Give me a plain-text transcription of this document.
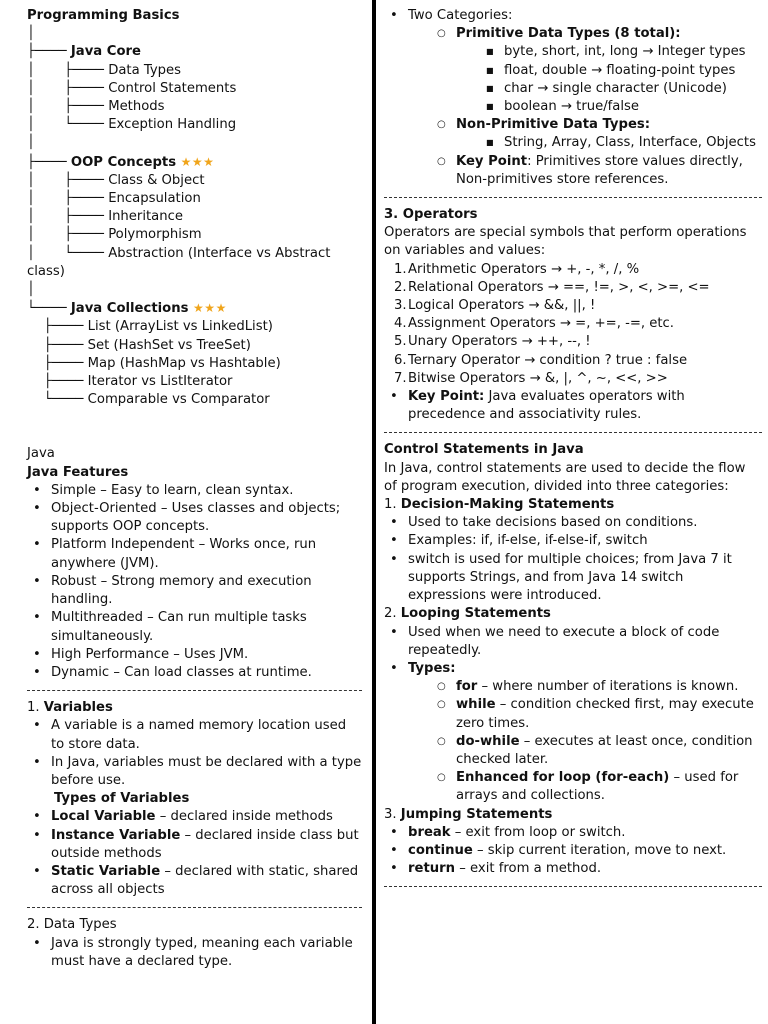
Programming Basics
│
├──── Java Core
│       ├──── Data Types
│       ├──── Control Statements
│       ├──── Methods
│       └──── Exception Handling
│
├──── OOP Concepts ★★★
│       ├──── Class & Object
│       ├──── Encapsulation
│       ├──── Inheritance
│       ├──── Polymorphism
│       └──── Abstraction (Interface vs Abstract
class)
│
└──── Java Collections ★★★
├──── List (ArrayList vs LinkedList)
├──── Set (HashSet vs TreeSet)
├──── Map (HashMap vs Hashtable)
├──── Iterator vs ListIterator
└──── Comparable vs Comparator

Java

Java Features

• Simple – Easy to learn, clean syntax.
• Object-Oriented – Uses classes and objects; supports OOP concepts.
• Platform Independent – Works once, run anywhere (JVM).
• Robust – Strong memory and execution handling.
• Multithreaded – Can run multiple tasks simultaneously.
• High Performance – Uses JVM.
• Dynamic – Can load classes at runtime.

1. Variables

• A variable is a named memory location used to store data.
• In Java, variables must be declared with a type before use.

Types of Variables

• Local Variable – declared inside methods
• Instance Variable – declared inside class but outside methods
• Static Variable – declared with static, shared across all objects

2. Data Types

• Java is strongly typed, meaning each variable must have a declared type.
• Two Categories:
○ Primitive Data Types (8 total):
■ byte, short, int, long → Integer types
■ float, double → floating-point types
■ char → single character (Unicode)
■ boolean → true/false
○ Non-Primitive Data Types:
■ String, Array, Class, Interface, Objects
○ Key Point: Primitives store values directly, Non-primitives store references.

3. Operators

Operators are special symbols that perform operations on variables and values:

Arithmetic Operators → +, -, *, /, %
Relational Operators → ==, !=, >, <, >=, <=
Logical Operators → &&, ||, !
Assignment Operators → =, +=, -=, etc.
Unary Operators → ++, --, !
Ternary Operator → condition ? true : false
Bitwise Operators → &, |, ^, ~, <<, >>
• Key Point: Java evaluates operators with precedence and associativity rules.

Control Statements in Java

In Java, control statements are used to decide the flow of program execution, divided into three categories:

1. Decision-Making Statements

• Used to take decisions based on conditions.
• Examples: if, if-else, if-else-if, switch
• switch is used for multiple choices; from Java 7 it supports Strings, and from Java 14 switch expressions were introduced.

2. Looping Statements

• Used when we need to execute a block of code repeatedly.
• Types:
○ for – where number of iterations is known.
○ while – condition checked first, may execute zero times.
○ do-while – executes at least once, condition checked later.
○ Enhanced for loop (for-each) – used for arrays and collections.

3. Jumping Statements

• break – exit from loop or switch.
• continue – skip current iteration, move to next.
• return – exit from a method.
